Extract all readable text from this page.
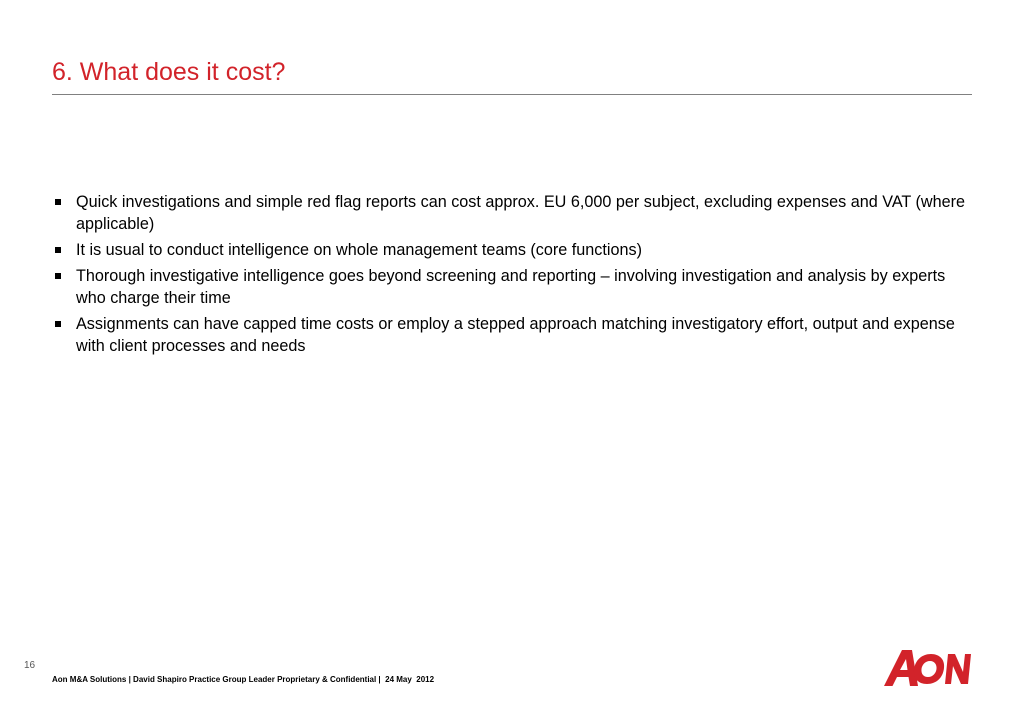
6. What does it cost?
Quick investigations and simple red flag reports can cost approx. EU 6,000 per subject, excluding expenses and VAT (where applicable)
It is usual to conduct intelligence on whole management teams (core functions)
Thorough investigative intelligence goes beyond screening and reporting – involving investigation and analysis by experts who charge their time
Assignments can have capped time costs or employ a stepped approach matching investigatory effort, output and expense with client processes and needs
16
Aon M&A Solutions | David Shapiro Practice Group Leader Proprietary & Confidential |  24 May  2012
